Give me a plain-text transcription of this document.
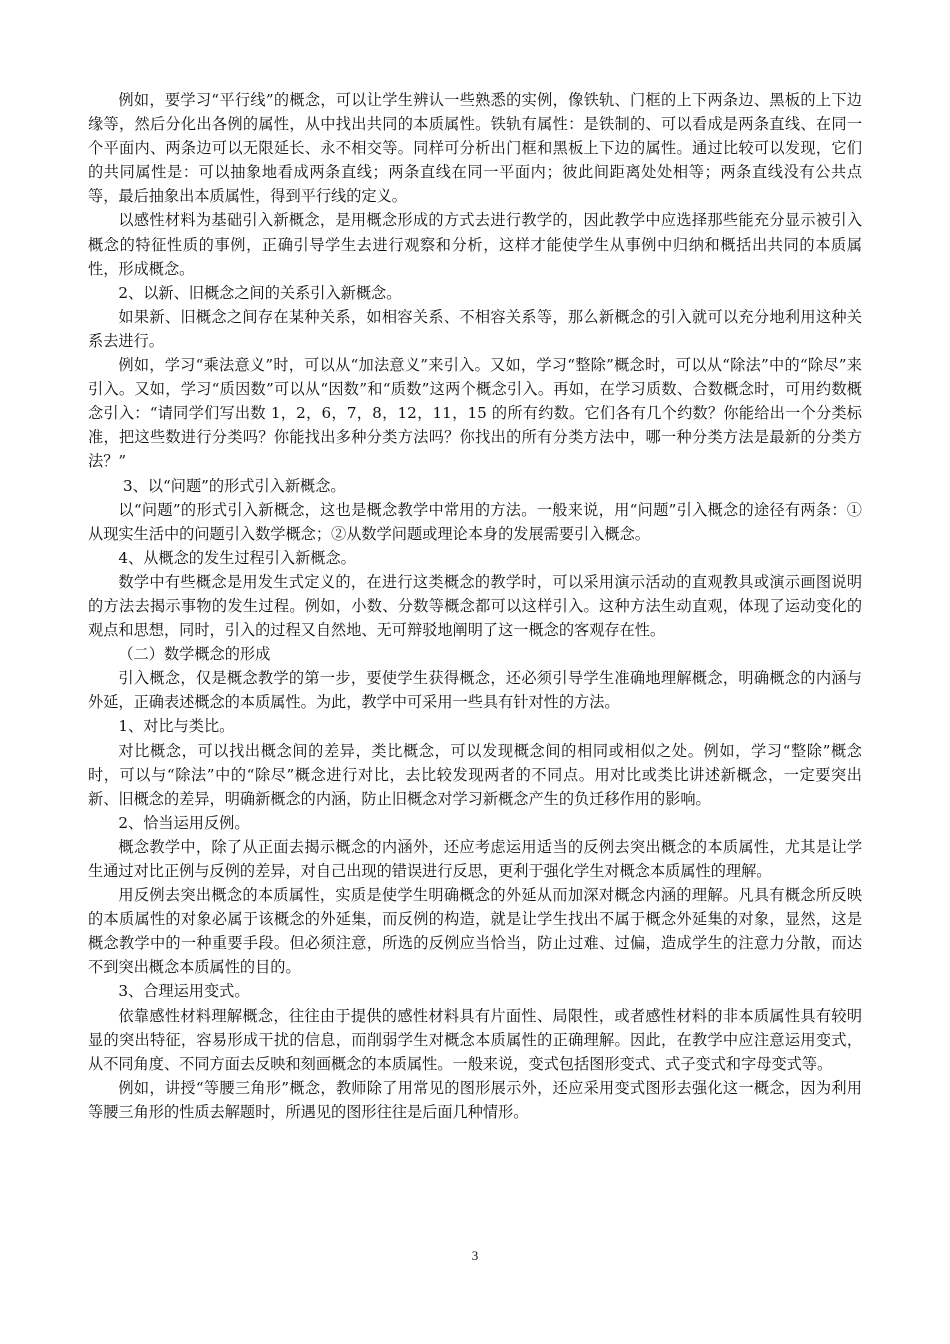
例如，要学习“平行线”的概念，可以让学生辨认一些熟悉的实例，像铁轨、门框的上下两条边、黑板的上下边缘等，然后分化出各例的属性，从中找出共同的本质属性。铁轨有属性：是铁制的、可以看成是两条直线、在同一个平面内、两条边可以无限延长、永不相交等。同样可分析出门框和黑板上下边的属性。通过比较可以发现，它们的共同属性是：可以抽象地看成两条直线；两条直线在同一平面内；彼此间距离处处相等；两条直线没有公共点等，最后抽象出本质属性，得到平行线的定义。

以感性材料为基础引入新概念，是用概念形成的方式去进行教学的，因此教学中应选择那些能充分显示被引入概念的特征性质的事例，正确引导学生去进行观察和分析，这样才能使学生从事例中归纳和概括出共同的本质属性，形成概念。

2、以新、旧概念之间的关系引入新概念。

如果新、旧概念之间存在某种关系，如相容关系、不相容关系等，那么新概念的引入就可以充分地利用这种关系去进行。

例如，学习“乘法意义”时，可以从“加法意义”来引入。又如，学习“整除”概念时，可以从“除法”中的“除尽”来引入。又如，学习“质因数”可以从“因数”和“质数”这两个概念引入。再如，在学习质数、合数概念时，可用约数概念引入：“请同学们写出数 1，2，6，7，8，12，11，15 的所有约数。它们各有几个约数？你能给出一个分类标准，把这些数进行分类吗？你能找出多种分类方法吗？你找出的所有分类方法中，哪一种分类方法是最新的分类方法？”

3、以“问题”的形式引入新概念。

以“问题”的形式引入新概念，这也是概念教学中常用的方法。一般来说，用“问题”引入概念的途径有两条：①从现实生活中的问题引入数学概念；②从数学问题或理论本身的发展需要引入概念。

4、从概念的发生过程引入新概念。

数学中有些概念是用发生式定义的，在进行这类概念的教学时，可以采用演示活动的直观教具或演示画图说明的方法去揭示事物的发生过程。例如，小数、分数等概念都可以这样引入。这种方法生动直观，体现了运动变化的观点和思想，同时，引入的过程又自然地、无可辩驳地阐明了这一概念的客观存在性。

（二）数学概念的形成

引入概念，仅是概念教学的第一步，要使学生获得概念，还必须引导学生准确地理解概念，明确概念的内涵与外延，正确表述概念的本质属性。为此，教学中可采用一些具有针对性的方法。

1、对比与类比。

对比概念，可以找出概念间的差异，类比概念，可以发现概念间的相同或相似之处。例如，学习“整除”概念时，可以与“除法”中的“除尽”概念进行对比，去比较发现两者的不同点。用对比或类比讲述新概念，一定要突出新、旧概念的差异，明确新概念的内涵，防止旧概念对学习新概念产生的负迁移作用的影响。

2、恰当运用反例。

概念教学中，除了从正面去揭示概念的内涵外，还应考虑运用适当的反例去突出概念的本质属性，尤其是让学生通过对比正例与反例的差异，对自己出现的错误进行反思，更利于强化学生对概念本质属性的理解。

用反例去突出概念的本质属性，实质是使学生明确概念的外延从而加深对概念内涵的理解。凡具有概念所反映的本质属性的对象必属于该概念的外延集，而反例的构造，就是让学生找出不属于概念外延集的对象，显然，这是概念教学中的一种重要手段。但必须注意，所选的反例应当恰当，防止过难、过偏，造成学生的注意力分散，而达不到突出概念本质属性的目的。

3、合理运用变式。

依靠感性材料理解概念，往往由于提供的感性材料具有片面性、局限性，或者感性材料的非本质属性具有较明显的突出特征，容易形成干扰的信息，而削弱学生对概念本质属性的正确理解。因此，在教学中应注意运用变式，从不同角度、不同方面去反映和刻画概念的本质属性。一般来说，变式包括图形变式、式子变式和字母变式等。

例如，讲授“等腰三角形”概念，教师除了用常见的图形展示外，还应采用变式图形去强化这一概念，因为利用等腰三角形的性质去解题时，所遇见的图形往往是后面几种情形。

3
